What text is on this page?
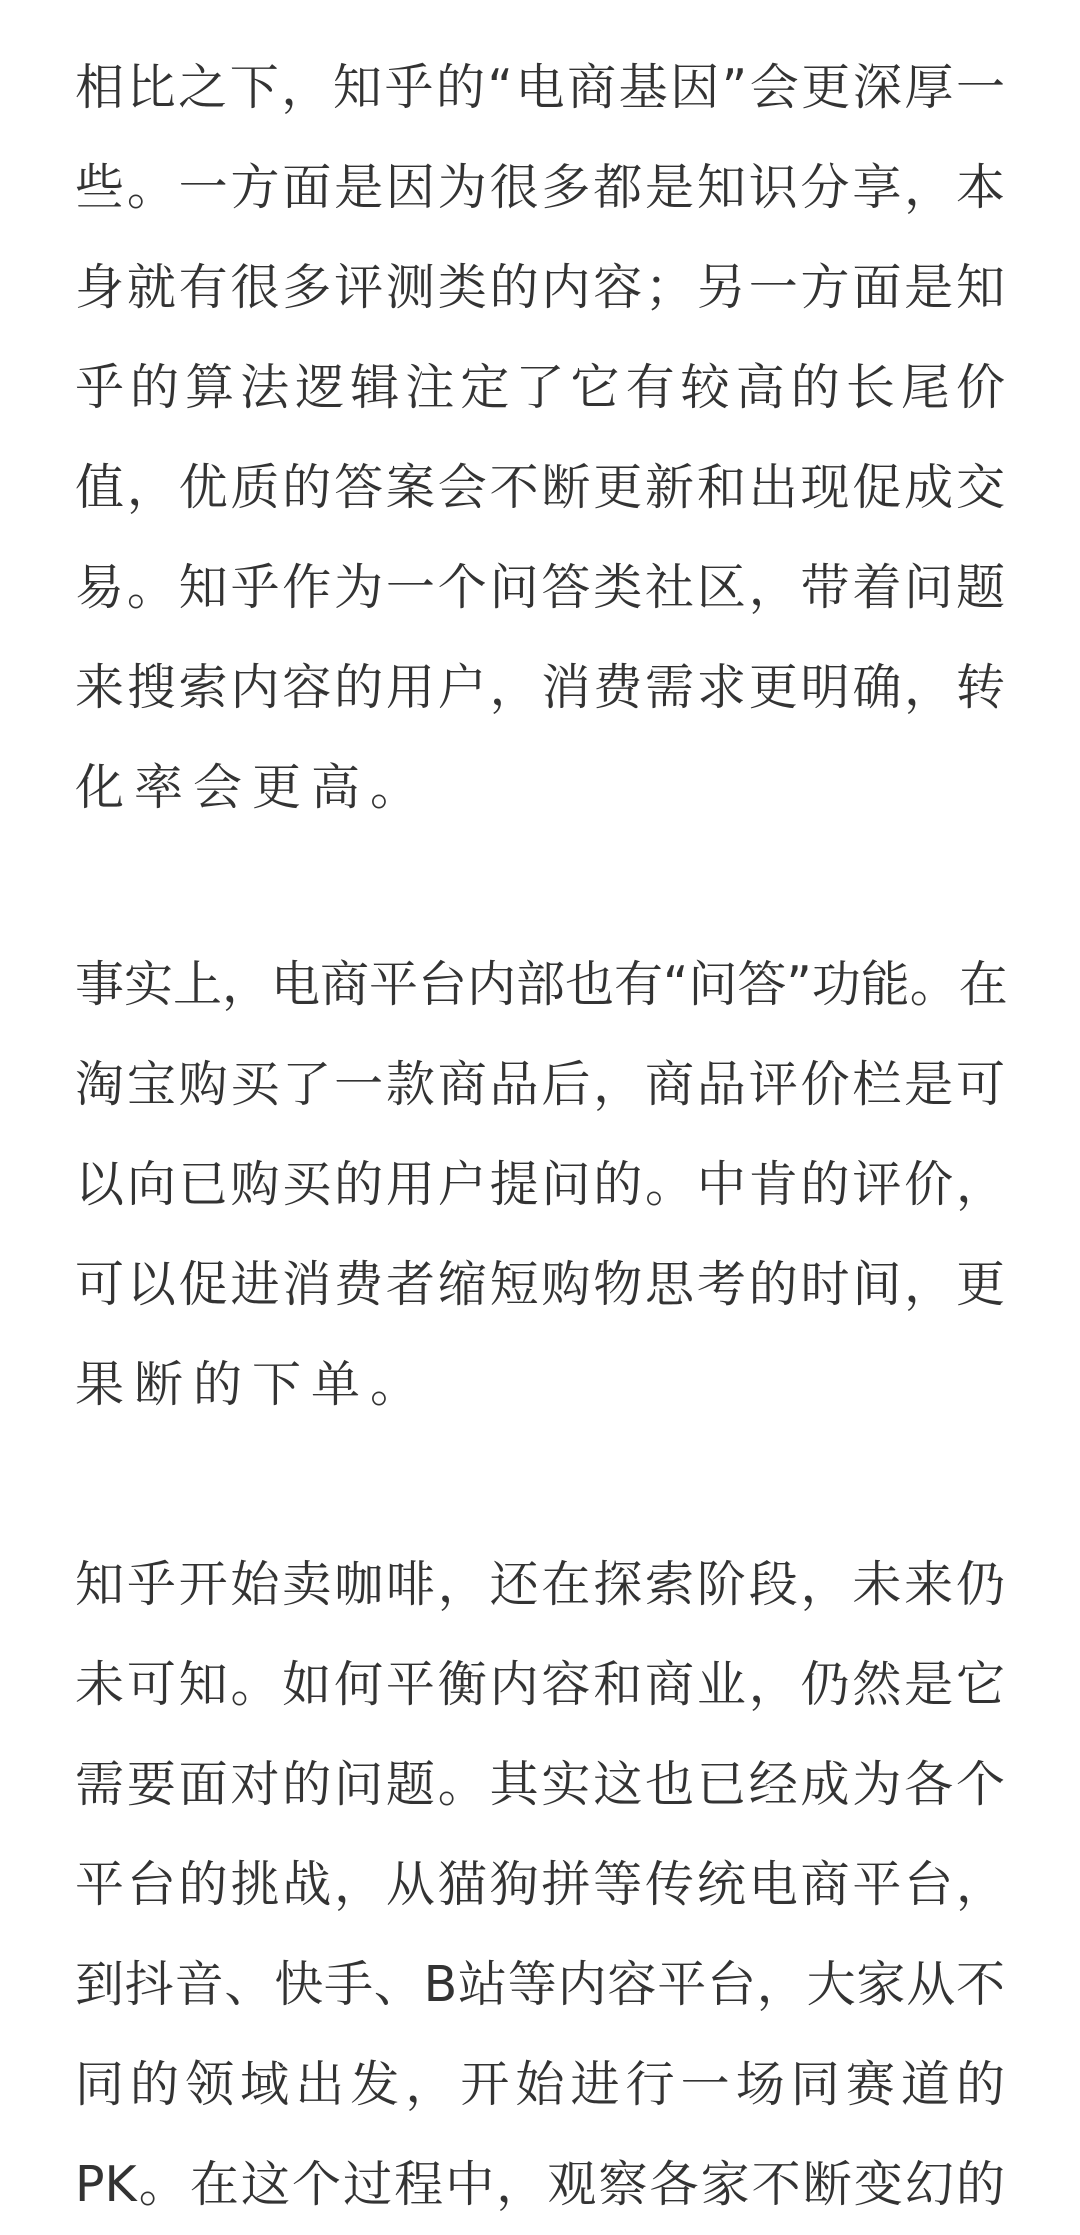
相比之下，知乎的“电商基因”会更深厚一
些。一方面是因为很多都是知识分享，本
身就有很多评测类的内容；另一方面是知
乎的算法逻辑注定了它有较高的长尾价
值，优质的答案会不断更新和出现促成交
易。知乎作为一个问答类社区，带着问题
来搜索内容的用户，消费需求更明确，转
化率会更高。
事实上，电商平台内部也有“问答”功能。在
淘宝购买了一款商品后，商品评价栏是可
以向已购买的用户提问的。中肯的评价，
可以促进消费者缩短购物思考的时间，更
果断的下单。
知乎开始卖咖啡，还在探索阶段，未来仍
未可知。如何平衡内容和商业，仍然是它
需要面对的问题。其实这也已经成为各个
平台的挑战，从猫狗拼等传统电商平台，
到抖音、快手、B站等内容平台，大家从不
同的领域出发，开始进行一场同赛道的
PK。在这个过程中，观察各家不断变幻的
